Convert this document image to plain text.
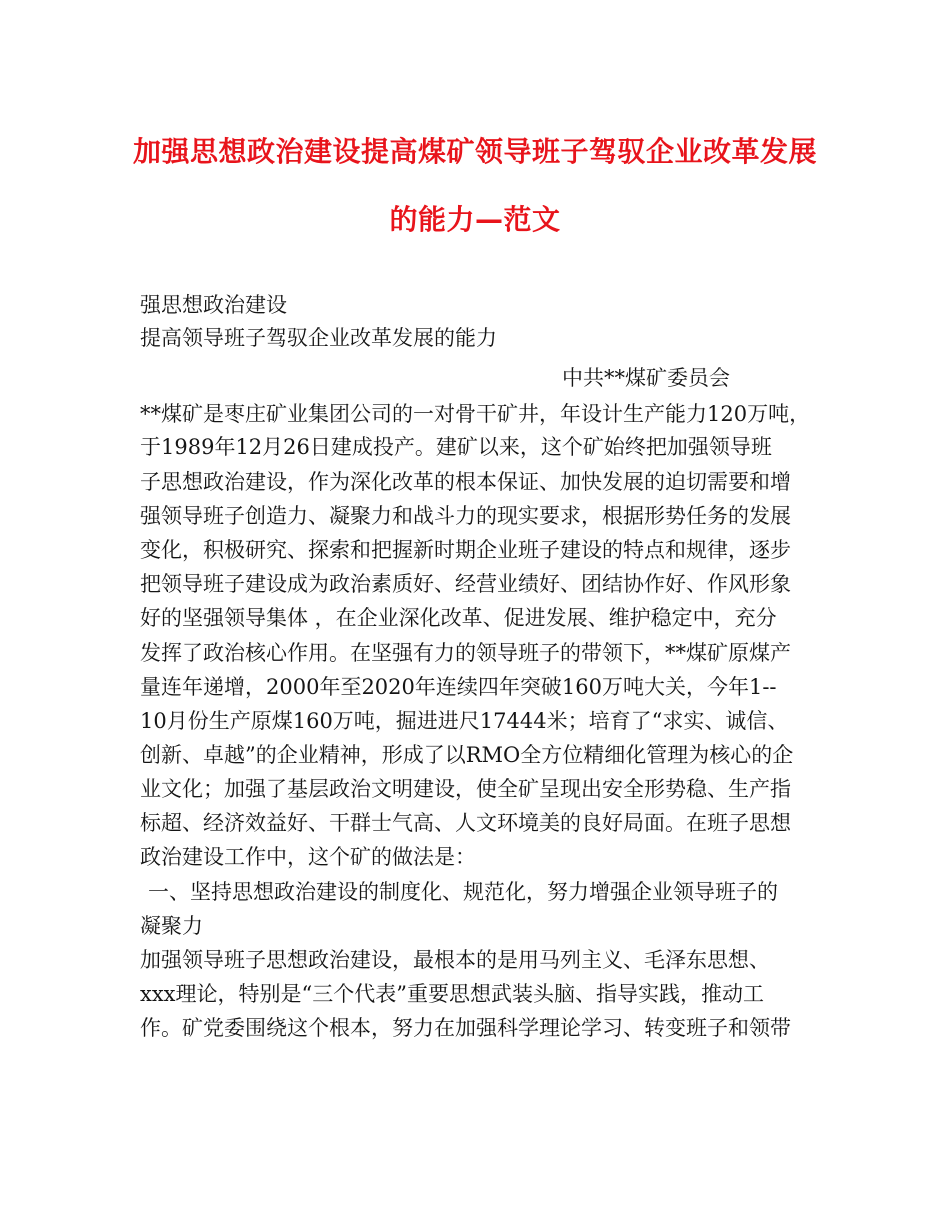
加强思想政治建设提高煤矿领导班子驾驭企业改革发展
的能力—范文
强思想政治建设
提高领导班子驾驭企业改革发展的能力
中共**煤矿委员会
**煤矿是枣庄矿业集团公司的一对骨干矿井，年设计生产能力120万吨，
于1989年12月26日建成投产。建矿以来，这个矿始终把加强领导班
子思想政治建设，作为深化改革的根本保证、加快发展的迫切需要和增
强领导班子创造力、凝聚力和战斗力的现实要求，根据形势任务的发展
变化，积极研究、探索和把握新时期企业班子建设的特点和规律，逐步
把领导班子建设成为政治素质好、经营业绩好、团结协作好、作风形象
好的坚强领导集体 ，在企业深化改革、促进发展、维护稳定中，充分
发挥了政治核心作用。在坚强有力的领导班子的带领下，**煤矿原煤产
量连年递增，2000年至2020年连续四年突破160万吨大关，今年1--
10月份生产原煤160万吨，掘进进尺17444米；培育了“求实、诚信、
创新、卓越”的企业精神，形成了以RMO全方位精细化管理为核心的企
业文化；加强了基层政治文明建设，使全矿呈现出安全形势稳、生产指
标超、经济效益好、干群士气高、人文环境美的良好局面。在班子思想
政治建设工作中，这个矿的做法是：
一、坚持思想政治建设的制度化、规范化，努力增强企业领导班子的
凝聚力
加强领导班子思想政治建设，最根本的是用马列主义、毛泽东思想、
xxx理论，特别是“三个代表”重要思想武装头脑、指导实践，推动工
作。矿党委围绕这个根本，努力在加强科学理论学习、转变班子和领带
